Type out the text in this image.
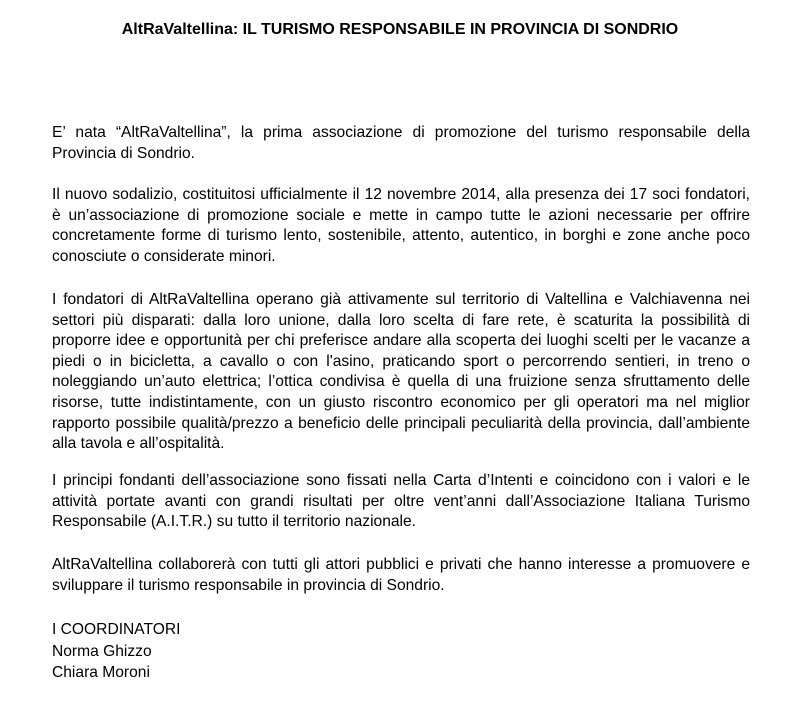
AltRaValtellina: IL TURISMO RESPONSABILE IN PROVINCIA DI SONDRIO

E’ nata “AltRaValtellina”, la prima associazione di promozione del turismo responsabile della Provincia di Sondrio.

Il nuovo sodalizio, costituitosi ufficialmente il 12 novembre 2014, alla presenza dei 17 soci fondatori, è un’associazione di promozione sociale e mette in campo tutte le azioni necessarie per offrire concretamente forme di turismo lento, sostenibile, attento, autentico, in borghi e zone anche poco conosciute o considerate minori.

I fondatori di AltRaValtellina operano già attivamente sul territorio di Valtellina e Valchiavenna nei settori più disparati: dalla loro unione, dalla loro scelta di fare rete, è scaturita la possibilità di proporre idee e opportunità per chi preferisce andare alla scoperta dei luoghi scelti per le vacanze a piedi o in bicicletta, a cavallo o con l'asino, praticando sport o percorrendo sentieri, in treno o noleggiando un’auto elettrica; l’ottica condivisa è quella di una fruizione senza sfruttamento delle risorse, tutte indistintamente, con un giusto riscontro economico per gli operatori ma nel miglior rapporto possibile qualità/prezzo a beneficio delle principali peculiarità della provincia, dall’ambiente alla tavola e all’ospitalità.

I principi fondanti dell’associazione sono fissati nella Carta d’Intenti e coincidono con i valori e le attività portate avanti con grandi risultati per oltre vent’anni dall’Associazione Italiana Turismo Responsabile (A.I.T.R.) su tutto il territorio nazionale.

AltRaValtellina collaborerà con tutti gli attori pubblici e privati che hanno interesse a promuovere e sviluppare il turismo responsabile in provincia di Sondrio.

I COORDINATORI
Norma Ghizzo
Chiara Moroni
